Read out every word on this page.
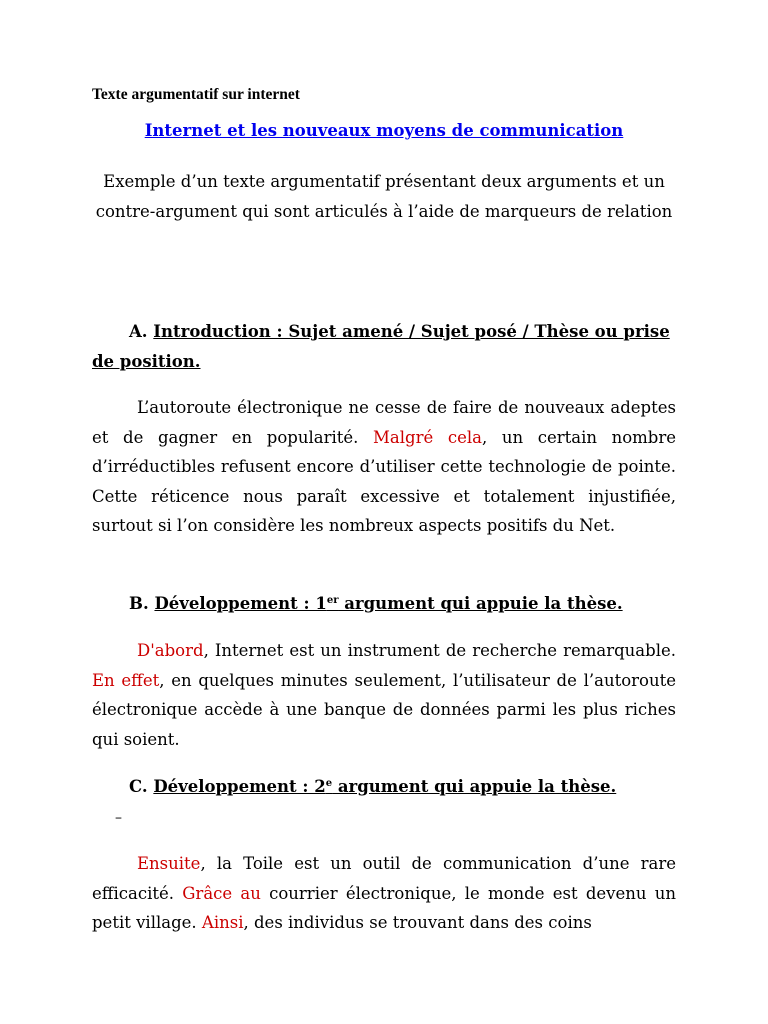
Texte argumentatif sur internet
Internet et les nouveaux moyens de communication
Exemple d’un texte argumentatif présentant deux arguments et un contre-argument qui sont articulés à l’aide de marqueurs de relation
A. Introduction : Sujet amené / Sujet posé / Thèse ou prise de position.
L’autoroute électronique ne cesse de faire de nouveaux adeptes et de gagner en popularité. Malgré cela, un certain nombre d’irréductibles refusent encore d’utiliser cette technologie de pointe. Cette réticence nous paraît excessive et totalement injustifiée, surtout si l’on considère les nombreux aspects positifs du Net.
B. Développement : 1er argument qui appuie la thèse.
D'abord, Internet est un instrument de recherche remarquable. En effet, en quelques minutes seulement, l’utilisateur de l’autoroute électronique accède à une banque de données parmi les plus riches qui soient.
C. Développement : 2e argument qui appuie la thèse.
–
Ensuite, la Toile est un outil de communication d’une rare efficacité. Grâce au courrier électronique, le monde est devenu un petit village. Ainsi, des individus se trouvant dans des coins
